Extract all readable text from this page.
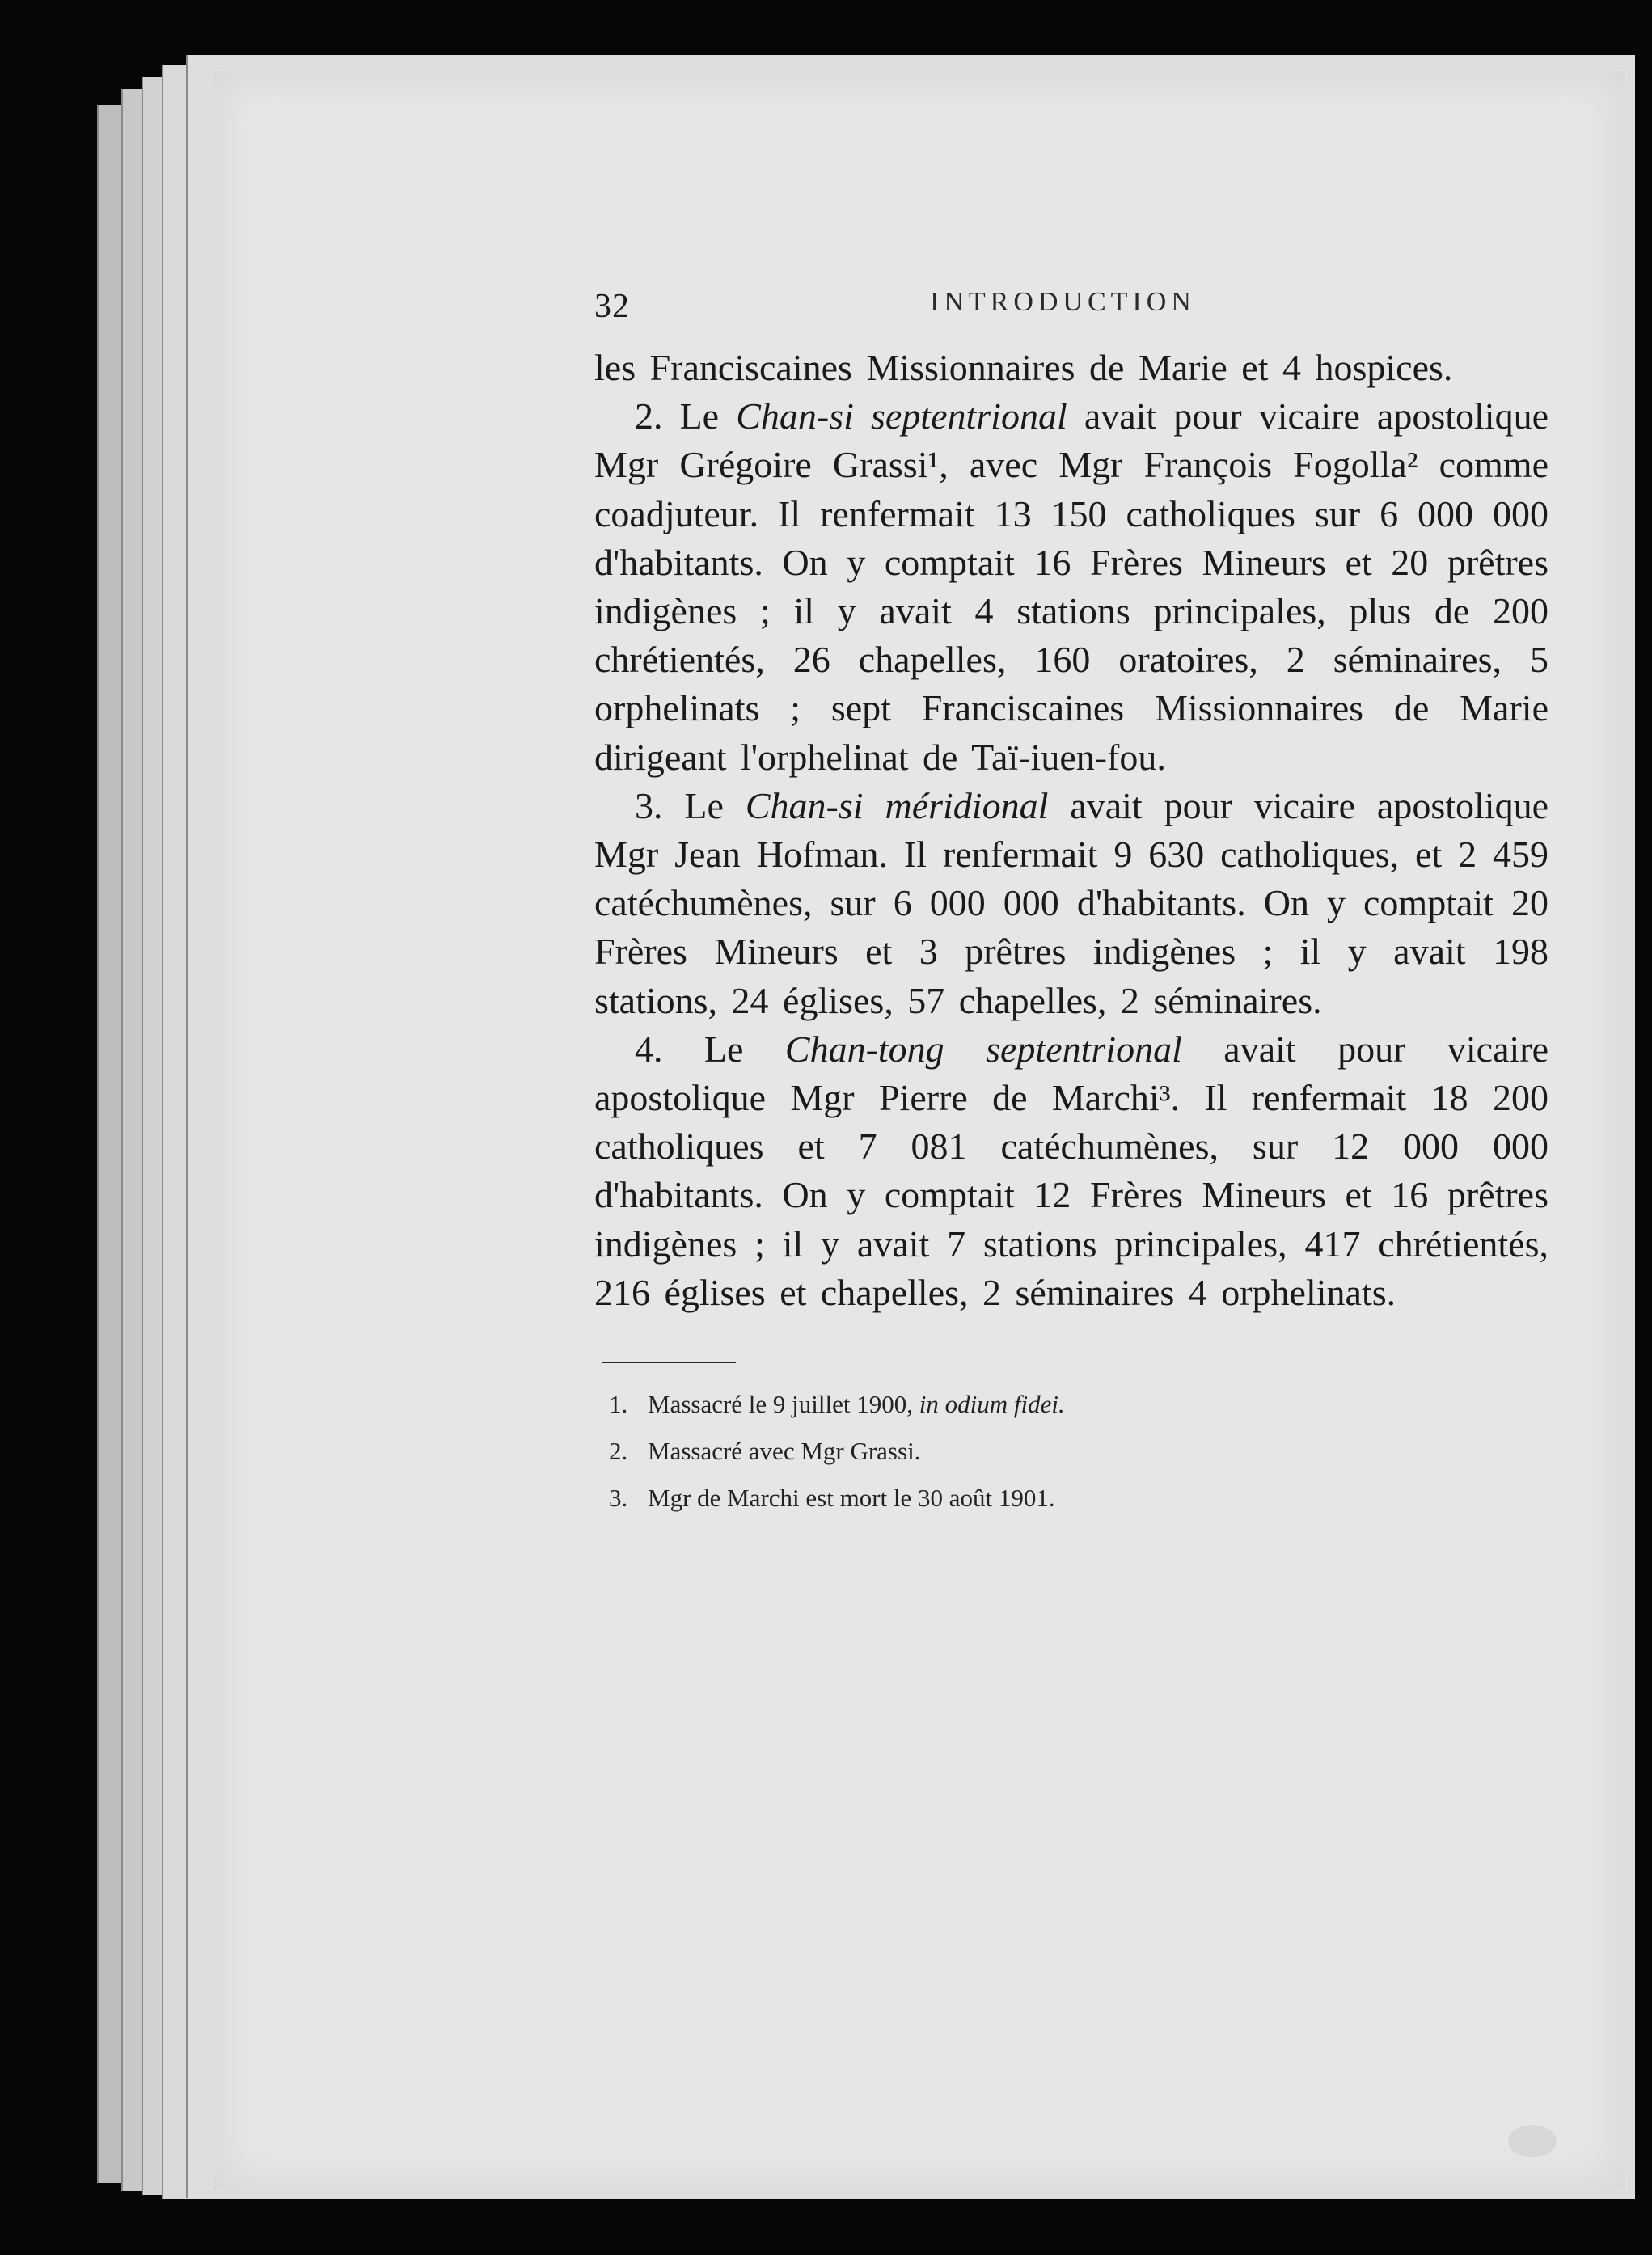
32	INTRODUCTION

les Franciscaines Missionnaires de Marie et 4 hospices.

2. Le Chan-si septentrional avait pour vicaire apostolique Mgr Grégoire Grassi¹, avec Mgr François Fogolla² comme coadjuteur. Il renfermait 13 150 catholiques sur 6 000 000 d'habitants. On y comptait 16 Frères Mineurs et 20 prêtres indigènes ; il y avait 4 stations principales, plus de 200 chrétientés, 26 chapelles, 160 oratoires, 2 séminaires, 5 orphelinats ; sept Franciscaines Missionnaires de Marie dirigeant l'orphelinat de Taï-iuen-fou.

3. Le Chan-si méridional avait pour vicaire apostolique Mgr Jean Hofman. Il renfermait 9 630 catholiques, et 2 459 catéchumènes, sur 6 000 000 d'habitants. On y comptait 20 Frères Mineurs et 3 prêtres indigènes ; il y avait 198 stations, 24 églises, 57 chapelles, 2 séminaires.

4. Le Chan-tong septentrional avait pour vicaire apostolique Mgr Pierre de Marchi³. Il renfermait 18 200 catholiques et 7 081 catéchumènes, sur 12 000 000 d'habitants. On y comptait 12 Frères Mineurs et 16 prêtres indigènes ; il y avait 7 stations principales, 417 chrétientés, 216 églises et chapelles, 2 séminaires 4 orphelinats.

1. Massacré le 9 juillet 1900, in odium fidei.
2. Massacré avec Mgr Grassi.
3. Mgr de Marchi est mort le 30 août 1901.
